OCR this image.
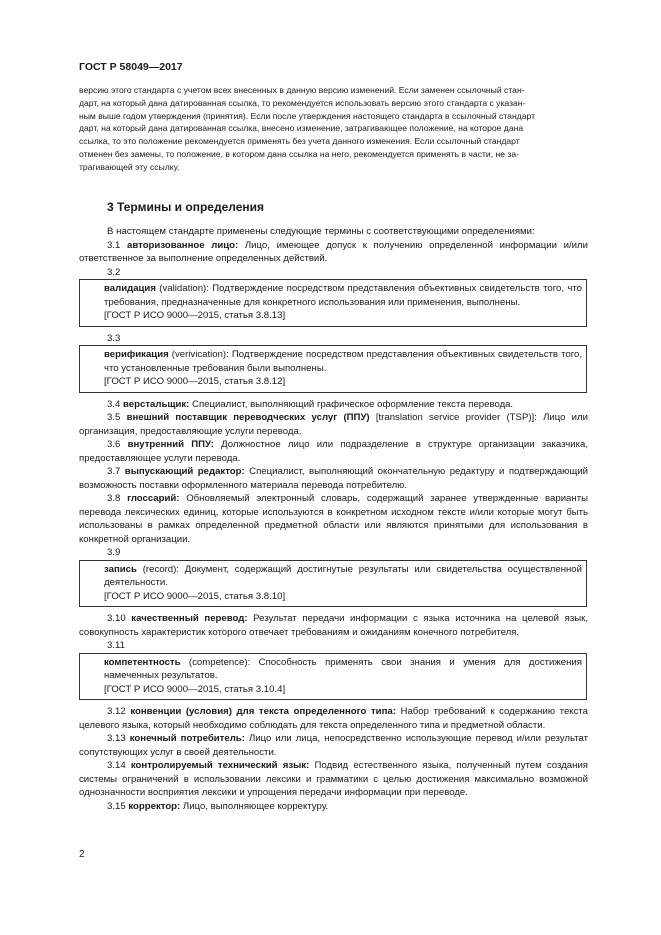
ГОСТ Р 58049—2017

версию этого стандарта с учетом всех внесенных в данную версию изменений. Если заменен ссылочный стан-

дарт, на который дана датированная ссылка, то рекомендуется использовать версию этого стандарта с указан-

ным выше годом утверждения (принятия). Если после утверждения настоящего стандарта в ссылочный стандарт

дарт, на который дана датированная ссылка, внесено изменение, затрагивающее положение, на которое дана

ссылка, то это положение рекомендуется применять без учета данного изменения. Если ссылочный стандарт

отменен без замены, то положение, в котором дана ссылка на него, рекомендуется применять в части, не за-

трагивающей эту ссылку.

3 Термины и определения

В настоящем стандарте применены следующие термины с соответствующими определениями:

3.1 авторизованное лицо: Лицо, имеющее допуск к получению определенной информации и/или ответственное за выполнение определенных действий.

3.2

валидация (validation): Подтверждение посредством представления объективных свидетельств того, что требования, предназначенные для конкретного использования или применения, выполнены.
[ГОСТ Р ИСО 9000—2015, статья 3.8.13]

3.3

верификация (verivication): Подтверждение посредством представления объективных свидетельств того, что установленные требования были выполнены.
[ГОСТ Р ИСО 9000—2015, статья 3.8.12]

3.4 верстальщик: Специалист, выполняющий графическое оформление текста перевода.

3.5 внешний поставщик переводческих услуг (ППУ) [translation service provider (TSP)]: Лицо или организация, предоставляющие услуги перевода.

3.6 внутренний ППУ: Должностное лицо или подразделение в структуре организации заказчика, предоставляющее услуги перевода.

3.7 выпускающий редактор: Специалист, выполняющий окончательную редактуру и подтверждающий возможность поставки оформленного материала перевода потребителю.

3.8 глоссарий: Обновляемый электронный словарь, содержащий заранее утвержденные варианты перевода лексических единиц, которые используются в конкретном исходном тексте и/или которые могут быть использованы в рамках определенной предметной области или являются принятыми для использования в конкретной организации.

3.9

запись (record): Документ, содержащий достигнутые результаты или свидетельства осуществленной деятельности.
[ГОСТ Р ИСО 9000—2015, статья 3.8.10]

3.10 качественный перевод: Результат передачи информации с языка источника на целевой язык, совокупность характеристик которого отвечает требованиям и ожиданиям конечного потребителя.

3.11

компетентность (competence): Способность применять свои знания и умения для достижения намеченных результатов.
[ГОСТ Р ИСО 9000—2015, статья 3.10.4]

3.12 конвенции (условия) для текста определенного типа: Набор требований к содержанию текста целевого языка, который необходимо соблюдать для текста определенного типа и предметной области.

3.13 конечный потребитель: Лицо или лица, непосредственно использующие перевод и/или результат сопутствующих услуг в своей деятельности.

3.14 контролируемый технический язык: Подвид естественного языка, полученный путем создания системы ограничений в использовании лексики и грамматики с целью достижения максимально возможной однозначности восприятия лексики и упрощения передачи информации при переводе.

3.15 корректор: Лицо, выполняющее корректуру.

2
